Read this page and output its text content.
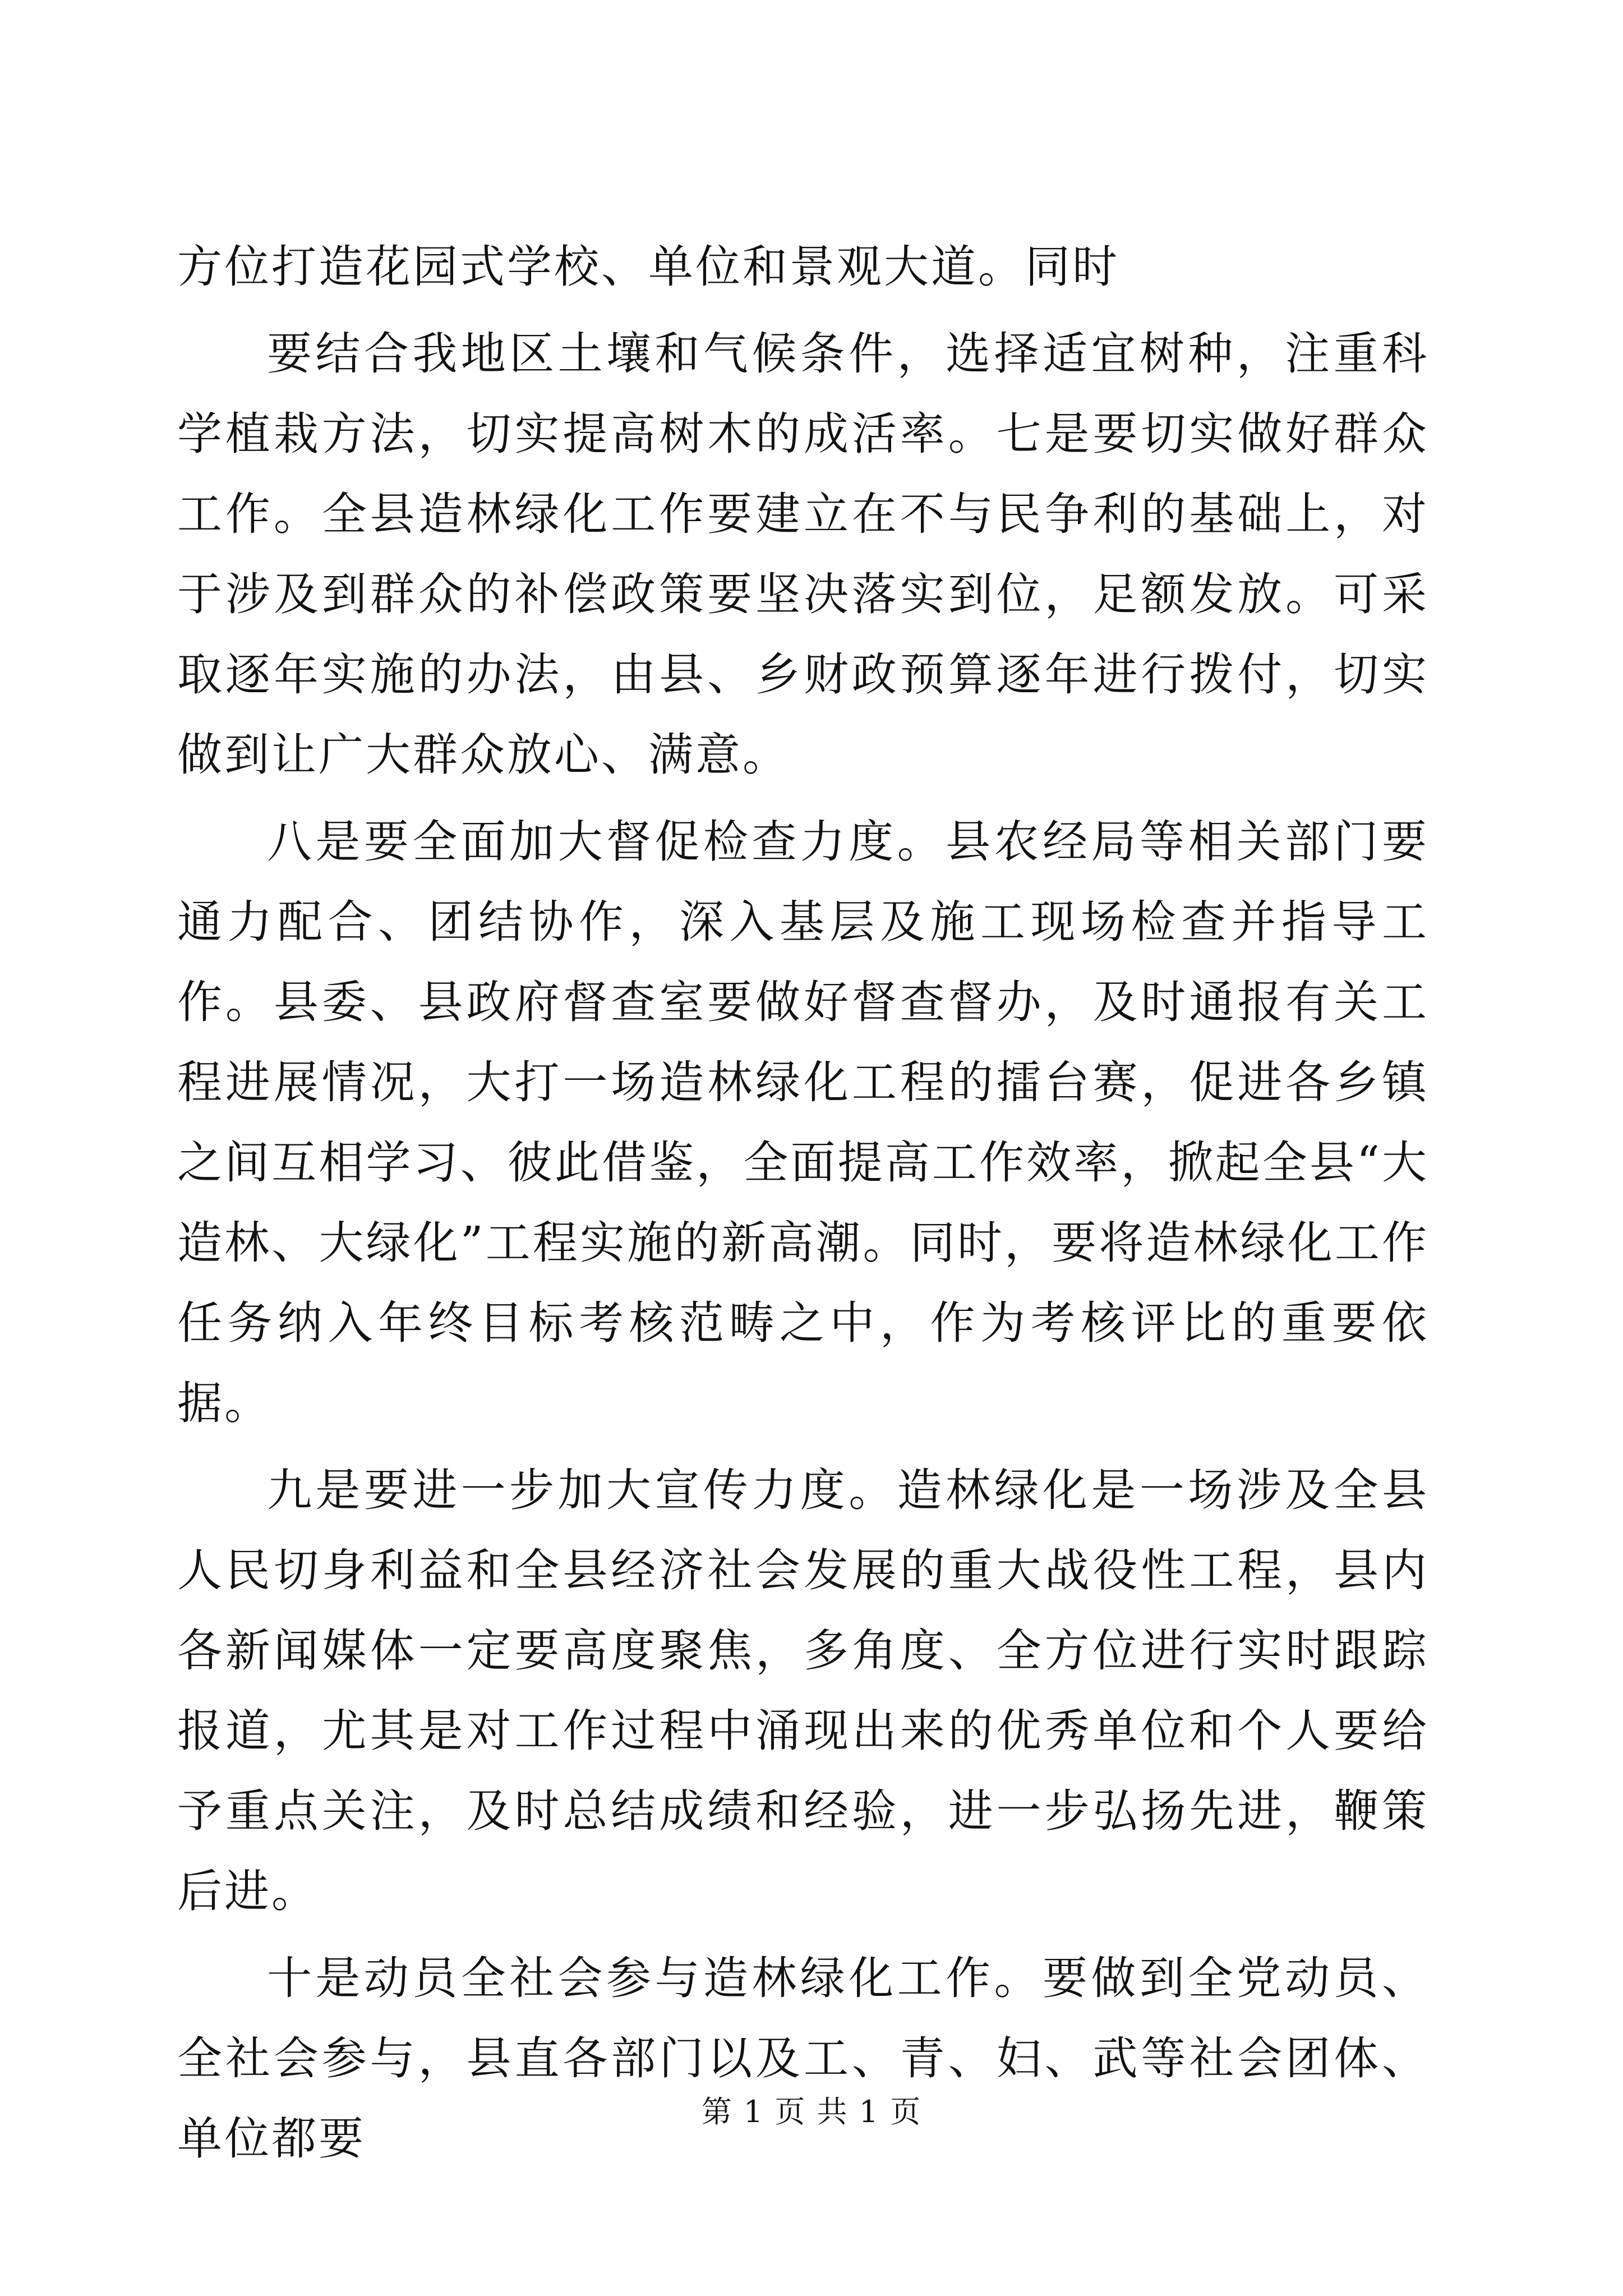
方位打造花园式学校、单位和景观大道。同时

要结合我地区土壤和气候条件，选择适宜树种，注重科学植栽方法，切实提高树木的成活率。七是要切实做好群众工作。全县造林绿化工作要建立在不与民争利的基础上，对于涉及到群众的补偿政策要坚决落实到位，足额发放。可采取逐年实施的办法，由县、乡财政预算逐年进行拨付，切实做到让广大群众放心、满意。

八是要全面加大督促检查力度。县农经局等相关部门要通力配合、团结协作，深入基层及施工现场检查并指导工作。县委、县政府督查室要做好督查督办，及时通报有关工程进展情况，大打一场造林绿化工程的擂台赛，促进各乡镇之间互相学习、彼此借鉴，全面提高工作效率，掀起全县“大造林、大绿化”工程实施的新高潮。同时，要将造林绿化工作任务纳入年终目标考核范畴之中，作为考核评比的重要依据。

九是要进一步加大宣传力度。造林绿化是一场涉及全县人民切身利益和全县经济社会发展的重大战役性工程，县内各新闻媒体一定要高度聚焦，多角度、全方位进行实时跟踪报道，尤其是对工作过程中涌现出来的优秀单位和个人要给予重点关注，及时总结成绩和经验，进一步弘扬先进，鞭策后进。

十是动员全社会参与造林绿化工作。要做到全党动员、全社会参与，县直各部门以及工、青、妇、武等社会团体、单位都要

第 1 页 共 1 页
